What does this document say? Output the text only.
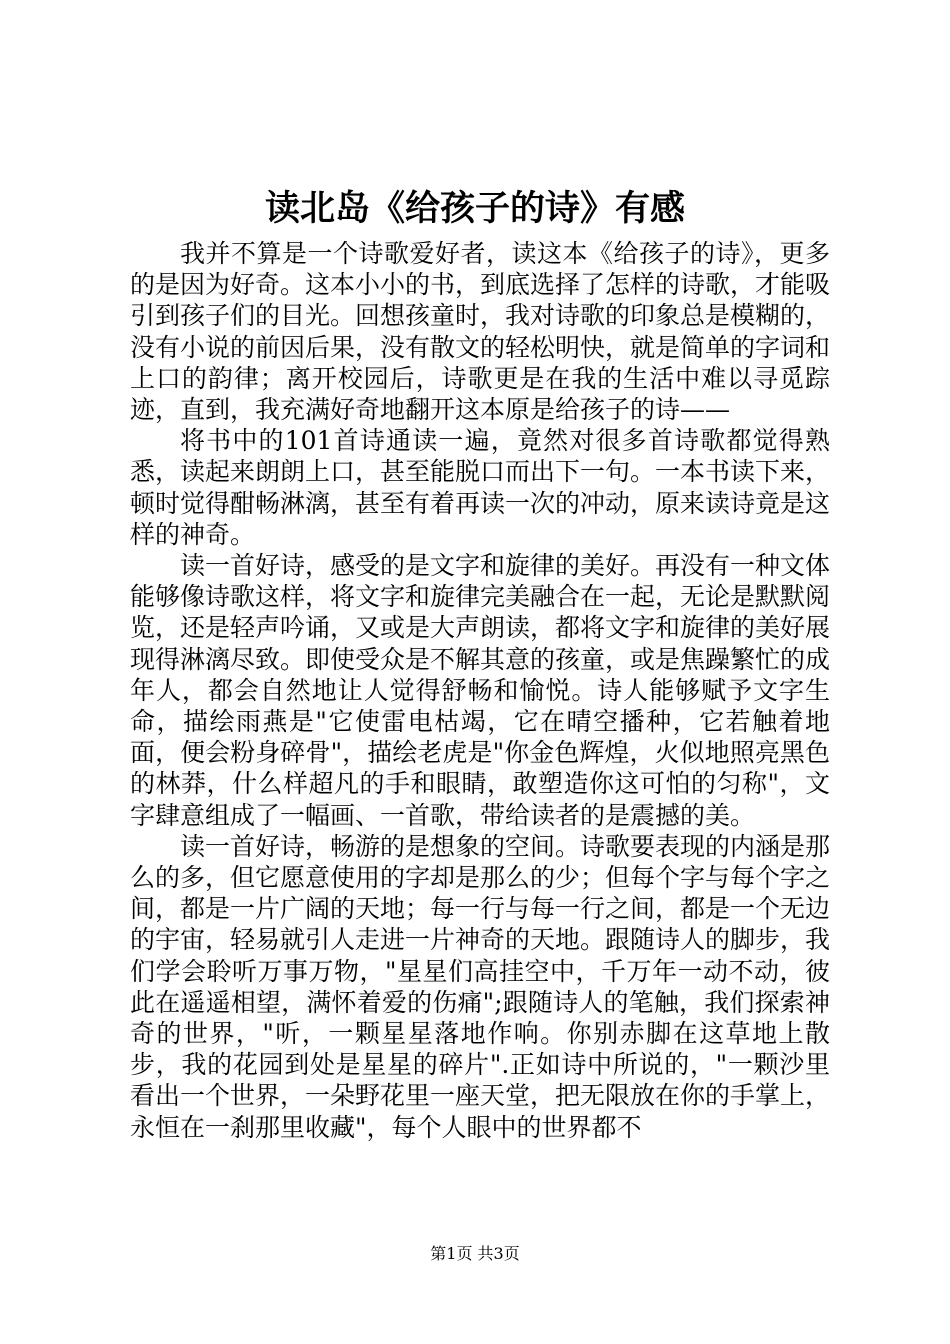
读北岛《给孩子的诗》有感

我并不算是一个诗歌爱好者，读这本《给孩子的诗》，更多的是因为好奇。这本小小的书，到底选择了怎样的诗歌，才能吸引到孩子们的目光。回想孩童时，我对诗歌的印象总是模糊的，没有小说的前因后果，没有散文的轻松明快，就是简单的字词和上口的韵律；离开校园后，诗歌更是在我的生活中难以寻觅踪迹，直到，我充满好奇地翻开这本原是给孩子的诗——

将书中的101首诗通读一遍，竟然对很多首诗歌都觉得熟悉，读起来朗朗上口，甚至能脱口而出下一句。一本书读下来，顿时觉得酣畅淋漓，甚至有着再读一次的冲动，原来读诗竟是这样的神奇。

读一首好诗，感受的是文字和旋律的美好。再没有一种文体能够像诗歌这样，将文字和旋律完美融合在一起，无论是默默阅览，还是轻声吟诵，又或是大声朗读，都将文字和旋律的美好展现得淋漓尽致。即使受众是不解其意的孩童，或是焦躁繁忙的成年人，都会自然地让人觉得舒畅和愉悦。诗人能够赋予文字生命，描绘雨燕是"它使雷电枯竭，它在晴空播种，它若触着地面，便会粉身碎骨"，描绘老虎是"你金色辉煌，火似地照亮黑色的林莽，什么样超凡的手和眼睛，敢塑造你这可怕的匀称"，文字肆意组成了一幅画、一首歌，带给读者的是震撼的美。

读一首好诗，畅游的是想象的空间。诗歌要表现的内涵是那么的多，但它愿意使用的字却是那么的少；但每个字与每个字之间，都是一片广阔的天地；每一行与每一行之间，都是一个无边的宇宙，轻易就引人走进一片神奇的天地。跟随诗人的脚步，我们学会聆听万事万物，"星星们高挂空中，千万年一动不动，彼此在遥遥相望，满怀着爱的伤痛";跟随诗人的笔触，我们探索神奇的世界，"听，一颗星星落地作响。你别赤脚在这草地上散步，我的花园到处是星星的碎片".正如诗中所说的，"一颗沙里看出一个世界，一朵野花里一座天堂，把无限放在你的手掌上，永恒在一刹那里收藏"，每个人眼中的世界都不

第1页 共3页
